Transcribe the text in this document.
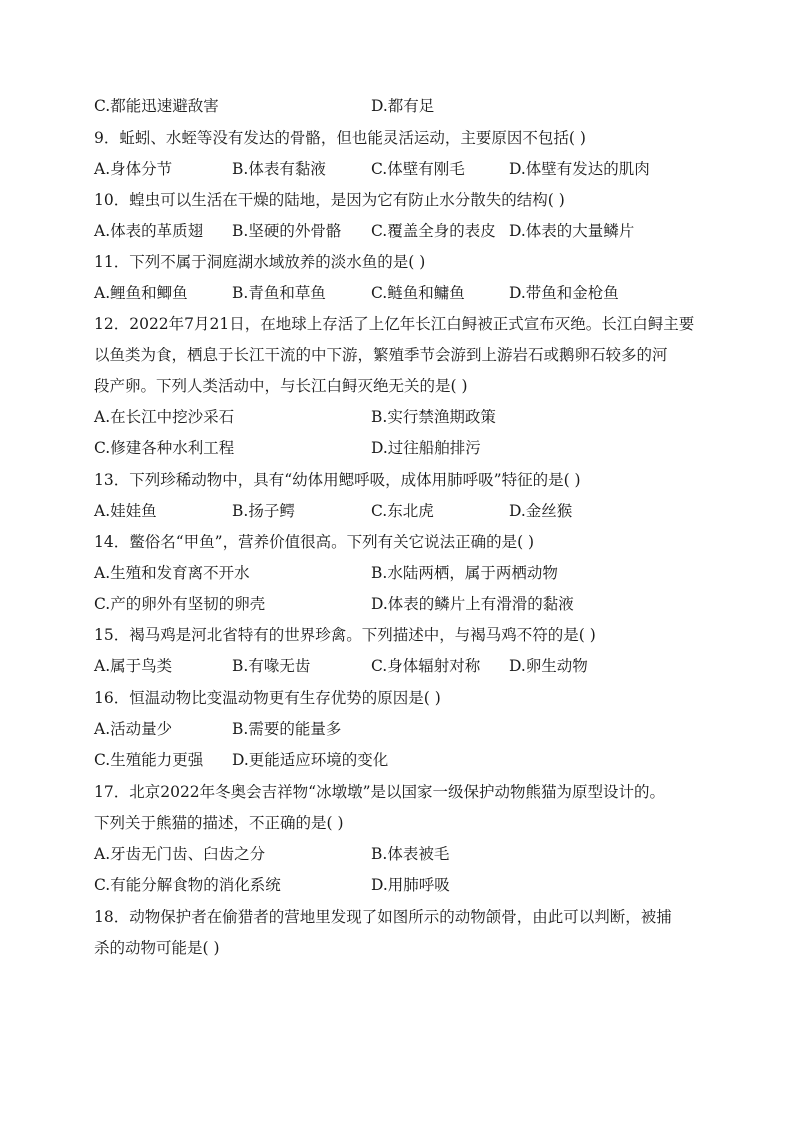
C.都能迅速避敌害	D.都有足
9．蚯蚓、水蛭等没有发达的骨骼，但也能灵活运动，主要原因不包括( )
A.身体分节	B.体表有黏液	C.体壁有刚毛	D.体壁有发达的肌肉
10．蝗虫可以生活在干燥的陆地，是因为它有防止水分散失的结构( )
A.体表的革质翅 B.坚硬的外骨骼 C.覆盖全身的表皮 D.体表的大量鳞片
11．下列不属于洞庭湖水域放养的淡水鱼的是( )
A.鲤鱼和鲫鱼	B.青鱼和草鱼	C.鲢鱼和鳙鱼	D.带鱼和金枪鱼
12．2022年7月21日，在地球上存活了上亿年长江白鲟被正式宣布灭绝。长江白鲟主要
以鱼类为食，栖息于长江干流的中下游，繁殖季节会游到上游岩石或鹅卵石较多的河
段产卵。下列人类活动中，与长江白鲟灭绝无关的是( )
A.在长江中挖沙采石	B.实行禁渔期政策
C.修建各种水利工程	D.过往船舶排污
13．下列珍稀动物中，具有“幼体用鳃呼吸，成体用肺呼吸”特征的是( )
A.娃娃鱼	B.扬子鳄	C.东北虎	D.金丝猴
14．鳖俗名“甲鱼”，营养价值很高。下列有关它说法正确的是( )
A.生殖和发育离不开水	B.水陆两栖，属于两栖动物
C.产的卵外有坚韧的卵壳	D.体表的鳞片上有滑滑的黏液
15．褐马鸡是河北省特有的世界珍禽。下列描述中，与褐马鸡不符的是( )
A.属于鸟类	B.有喙无齿	C.身体辐射对称 D.卵生动物
16．恒温动物比变温动物更有生存优势的原因是( )
A.活动量少	B.需要的能量多
C.生殖能力更强 D.更能适应环境的变化
17．北京2022年冬奥会吉祥物“冰墩墩”是以国家一级保护动物熊猫为原型设计的。
下列关于熊猫的描述，不正确的是( )
A.牙齿无门齿、臼齿之分	B.体表被毛
C.有能分解食物的消化系统	D.用肺呼吸
18．动物保护者在偷猎者的营地里发现了如图所示的动物颌骨，由此可以判断，被捕
杀的动物可能是( )
